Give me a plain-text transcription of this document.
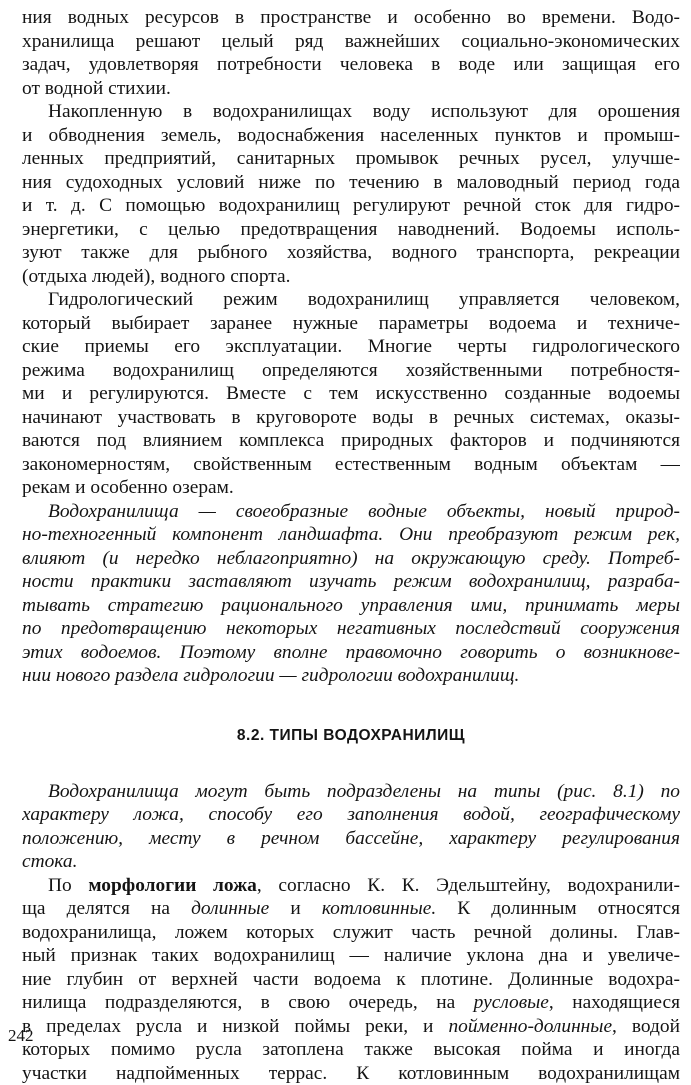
ния водных ресурсов в пространстве и особенно во времени. Водо-
хранилища решают целый ряд важнейших социально-экономических
задач, удовлетворяя потребности человека в воде или защищая его
от водной стихии.
Накопленную в водохранилищах воду используют для орошения
и обводнения земель, водоснабжения населенных пунктов и промыш-
ленных предприятий, санитарных промывок речных русел, улучше-
ния судоходных условий ниже по течению в маловодный период года
и т. д. С помощью водохранилищ регулируют речной сток для гидро-
энергетики, с целью предотвращения наводнений. Водоемы исполь-
зуют также для рыбного хозяйства, водного транспорта, рекреации
(отдыха людей), водного спорта.
Гидрологический режим водохранилищ управляется человеком,
который выбирает заранее нужные параметры водоема и техниче-
ские приемы его эксплуатации. Многие черты гидрологического
режима водохранилищ определяются хозяйственными потребностя-
ми и регулируются. Вместе с тем искусственно созданные водоемы
начинают участвовать в круговороте воды в речных системах, оказы-
ваются под влиянием комплекса природных факторов и подчиняются
закономерностям, свойственным естественным водным объектам —
рекам и особенно озерам.
Водохранилища — своеобразные водные объекты, новый природ-
но-техногенный компонент ландшафта. Они преобразуют режим рек,
влияют (и нередко неблагоприятно) на окружающую среду. Потреб-
ности практики заставляют изучать режим водохранилищ, разраба-
тывать стратегию рационального управления ими, принимать меры
по предотвращению некоторых негативных последствий сооружения
этих водоемов. Поэтому вполне правомочно говорить о возникнове-
нии нового раздела гидрологии — гидрологии водохранилищ.
8.2. ТИПЫ ВОДОХРАНИЛИЩ
Водохранилища могут быть подразделены на типы (рис. 8.1) по
характеру ложа, способу его заполнения водой, географическому
положению, месту в речном бассейне, характеру регулирования
стока.
По морфологии ложа, согласно К. К. Эдельштейну, водохранили-
ща делятся на долинные и котловинные. К долинным относятся
водохранилища, ложем которых служит часть речной долины. Глав-
ный признак таких водохранилищ — наличие уклона дна и увеличе-
ние глубин от верхней части водоема к плотине. Долинные водохра-
нилища подразделяются, в свою очередь, на русловые, находящиеся
в пределах русла и низкой поймы реки, и пойменно-долинные, водой
которых помимо русла затоплена также высокая пойма и иногда
участки надпойменных террас. К котловинным водохранилищам
242
